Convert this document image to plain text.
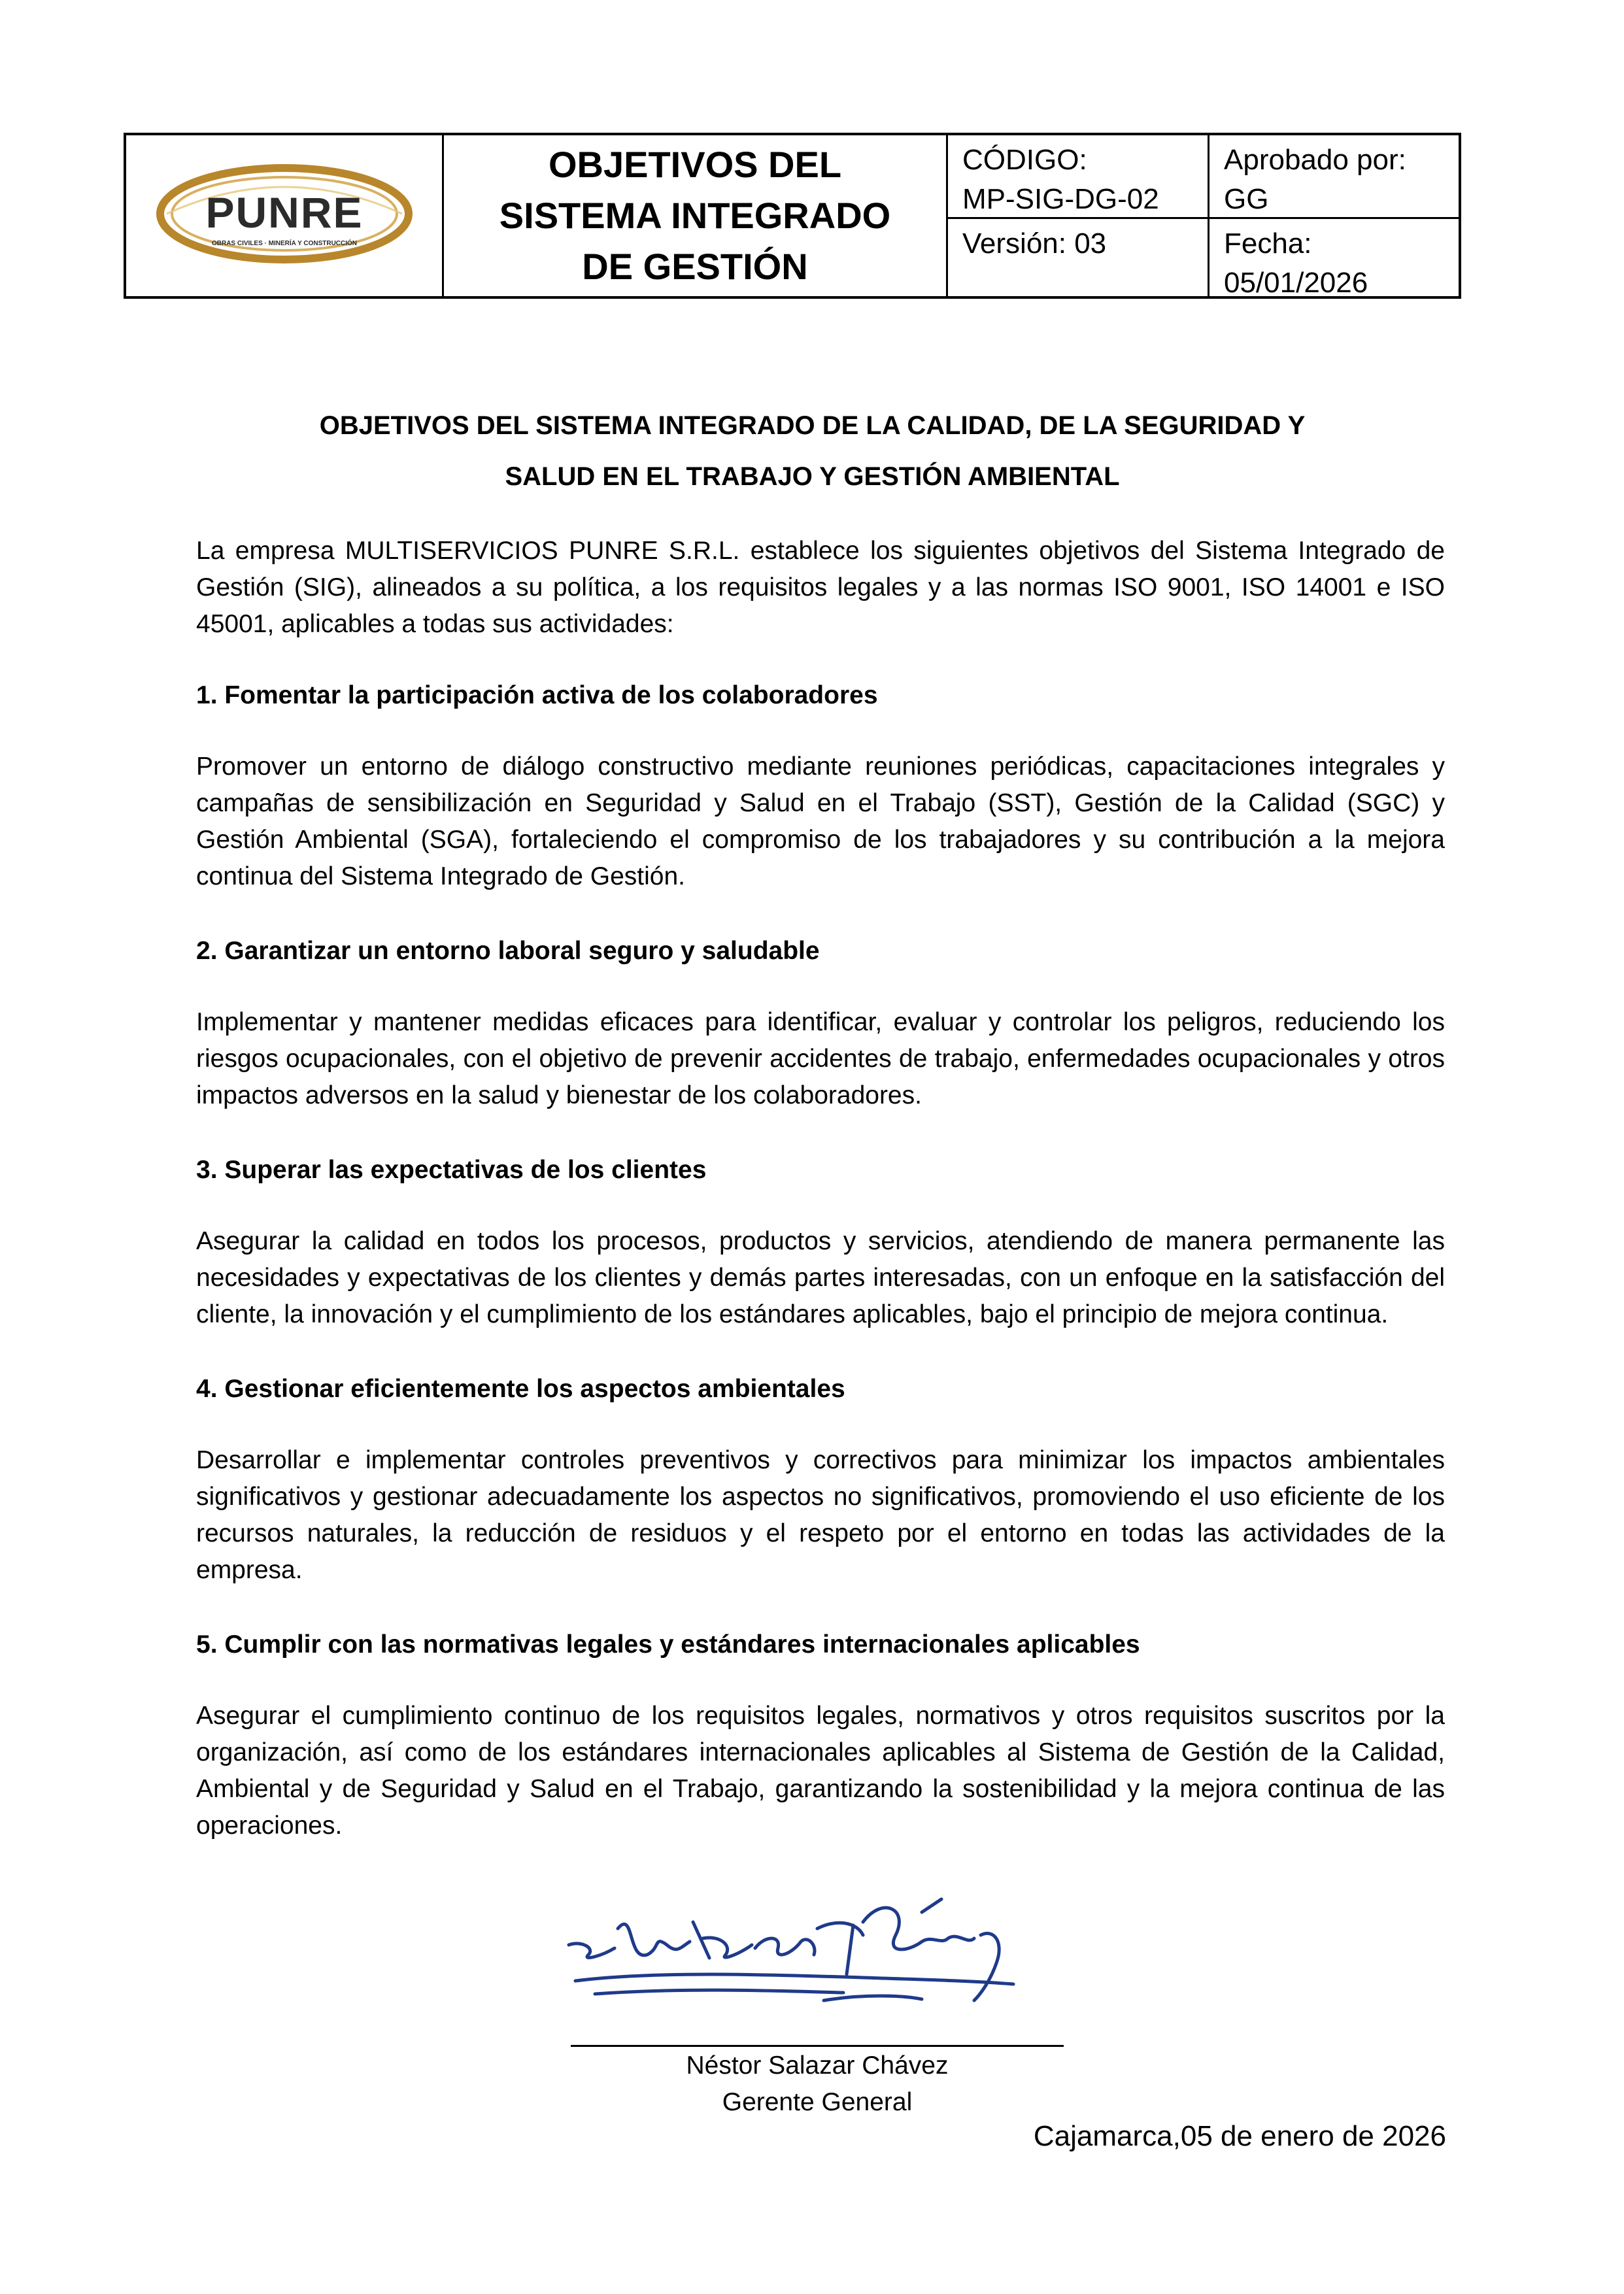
PUNRE
OBRAS CIVILES · MINERÍA Y CONSTRUCCIÓN
OBJETIVOS DEL
SISTEMA INTEGRADO
DE GESTIÓN
CÓDIGO:
MP-SIG-DG-02
Aprobado por:
GG
Versión: 03	Fecha:
05/01/2026
OBJETIVOS DEL SISTEMA INTEGRADO DE LA CALIDAD, DE LA SEGURIDAD Y
SALUD EN EL TRABAJO Y GESTIÓN AMBIENTAL

La empresa MULTISERVICIOS PUNRE S.R.L. establece los siguientes objetivos del Sistema Integrado de Gestión (SIG), alineados a su política, a los requisitos legales y a las normas ISO 9001, ISO 14001 e ISO 45001, aplicables a todas sus actividades:

1. Fomentar la participación activa de los colaboradores

Promover un entorno de diálogo constructivo mediante reuniones periódicas, capacitaciones integrales y campañas de sensibilización en Seguridad y Salud en el Trabajo (SST), Gestión de la Calidad (SGC) y Gestión Ambiental (SGA), fortaleciendo el compromiso de los trabajadores y su contribución a la mejora continua del Sistema Integrado de Gestión.

2. Garantizar un entorno laboral seguro y saludable

Implementar y mantener medidas eficaces para identificar, evaluar y controlar los peligros, reduciendo los riesgos ocupacionales, con el objetivo de prevenir accidentes de trabajo, enfermedades ocupacionales y otros impactos adversos en la salud y bienestar de los colaboradores.

3. Superar las expectativas de los clientes

Asegurar la calidad en todos los procesos, productos y servicios, atendiendo de manera permanente las necesidades y expectativas de los clientes y demás partes interesadas, con un enfoque en la satisfacción del cliente, la innovación y el cumplimiento de los estándares aplicables, bajo el principio de mejora continua.

4. Gestionar eficientemente los aspectos ambientales

Desarrollar e implementar controles preventivos y correctivos para minimizar los impactos ambientales significativos y gestionar adecuadamente los aspectos no significativos, promoviendo el uso eficiente de los recursos naturales, la reducción de residuos y el respeto por el entorno en todas las actividades de la empresa.

5. Cumplir con las normativas legales y estándares internacionales aplicables

Asegurar el cumplimiento continuo de los requisitos legales, normativos y otros requisitos suscritos por la organización, así como de los estándares internacionales aplicables al Sistema de Gestión de la Calidad, Ambiental y de Seguridad y Salud en el Trabajo, garantizando la sostenibilidad y la mejora continua de las operaciones.

Néstor Salazar Chávez
Gerente General
Cajamarca,05 de enero de 2026
